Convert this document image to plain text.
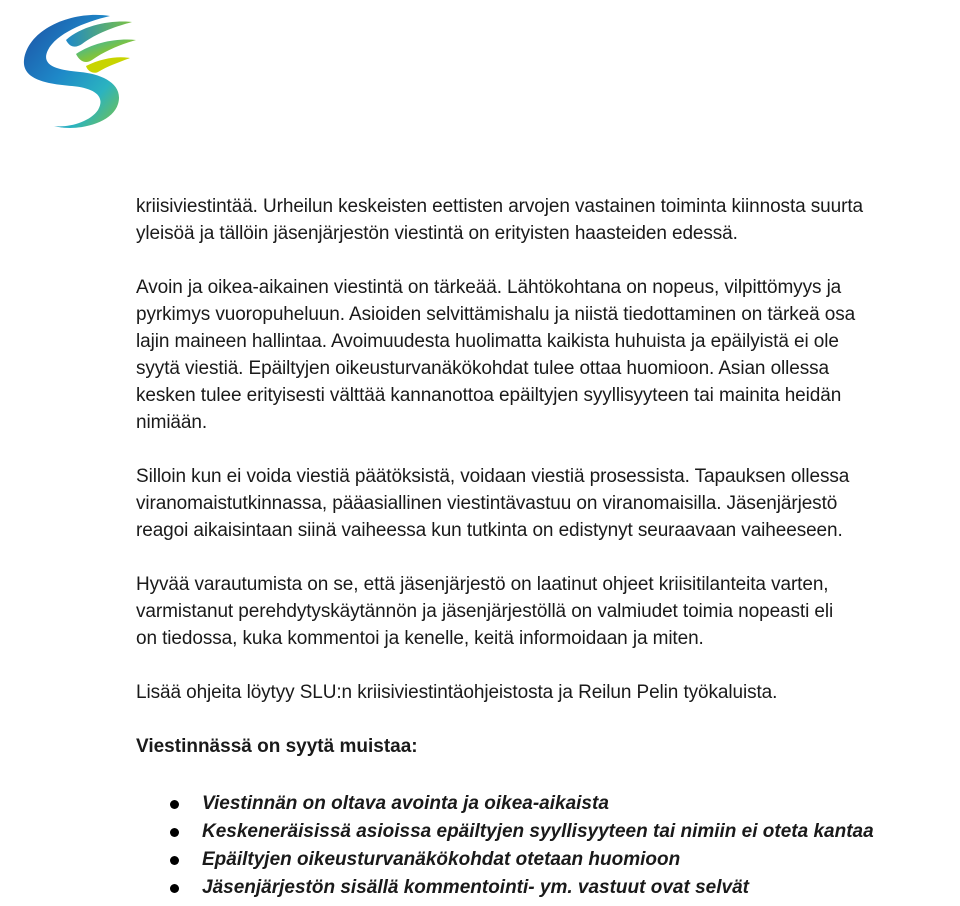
kriisiviestintää. Urheilun keskeisten eettisten arvojen vastainen toiminta kiinnosta suurta
yleisöä ja tällöin jäsenjärjestön viestintä on erityisten haasteiden edessä.

Avoin ja oikea-aikainen viestintä on tärkeää. Lähtökohtana on nopeus, vilpittömyys ja
pyrkimys vuoropuheluun. Asioiden selvittämishalu ja niistä tiedottaminen on tärkeä osa
lajin maineen hallintaa. Avoimuudesta huolimatta kaikista huhuista ja epäilyistä ei ole
syytä viestiä. Epäiltyjen oikeusturvanäkökohdat tulee ottaa huomioon. Asian ollessa
kesken tulee erityisesti välttää kannanottoa epäiltyjen syyllisyyteen tai mainita heidän
nimiään.

Silloin kun ei voida viestiä päätöksistä, voidaan viestiä prosessista. Tapauksen ollessa
viranomaistutkinnassa, pääasiallinen viestintävastuu on viranomaisilla. Jäsenjärjestö
reagoi aikaisintaan siinä vaiheessa kun tutkinta on edistynyt seuraavaan vaiheeseen.

Hyvää varautumista on se, että jäsenjärjestö on laatinut ohjeet kriisitilanteita varten,
varmistanut perehdytyskäytännön ja jäsenjärjestöllä on valmiudet toimia nopeasti eli
on tiedossa, kuka kommentoi ja kenelle, keitä informoidaan ja miten.

Lisää ohjeita löytyy SLU:n kriisiviestintäohjeistosta ja Reilun Pelin työkaluista.

Viestinnässä on syytä muistaa:
Viestinnän on oltava avointa ja oikea-aikaista
Keskeneräisissä asioissa epäiltyjen syyllisyyteen tai nimiin ei oteta kantaa
Epäiltyjen oikeusturvanäkökohdat otetaan huomioon
Jäsenjärjestön sisällä kommentointi- ym. vastuut ovat selvät
